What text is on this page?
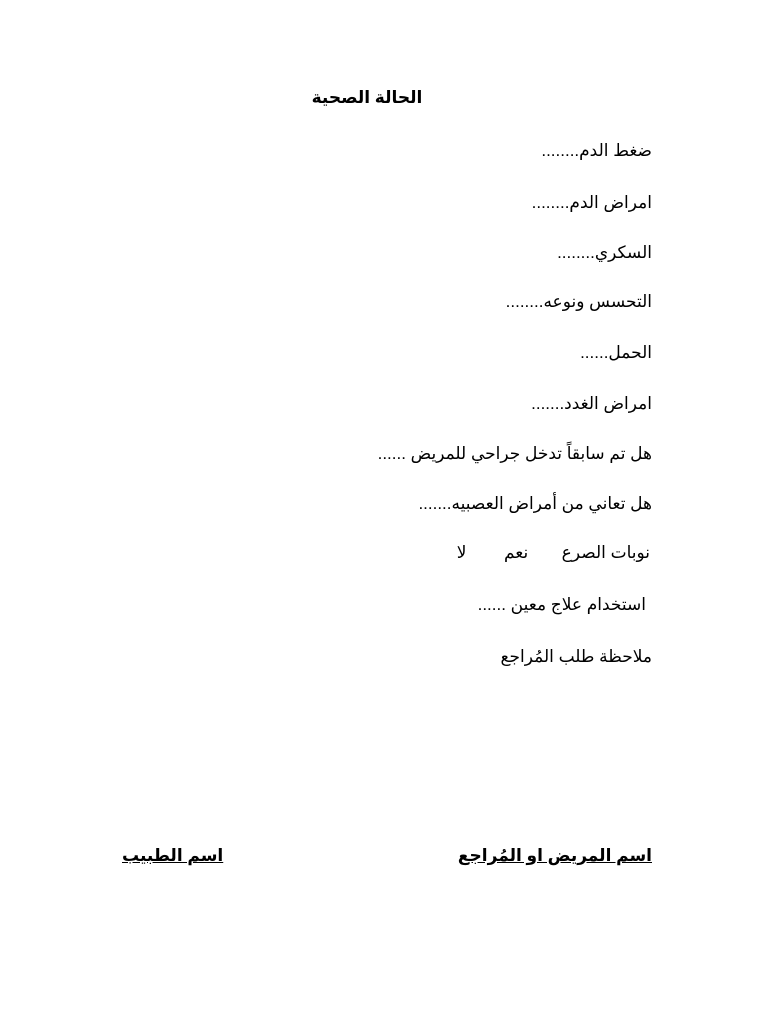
الحالة الصحية
ضغط الدم........
امراض الدم........
السكري........
التحسس ونوعه........
الحمل......
امراض الغدد.......
هل تم سابقاً تدخل جراحي للمريض ......
هل تعاني من أمراض العصبيه.......
نوبات الصرع  نعم  لا
استخدام علاج معين ......
ملاحظة طلب المُراجع
اسم المريض او المُراجع
اسم الطبيب
